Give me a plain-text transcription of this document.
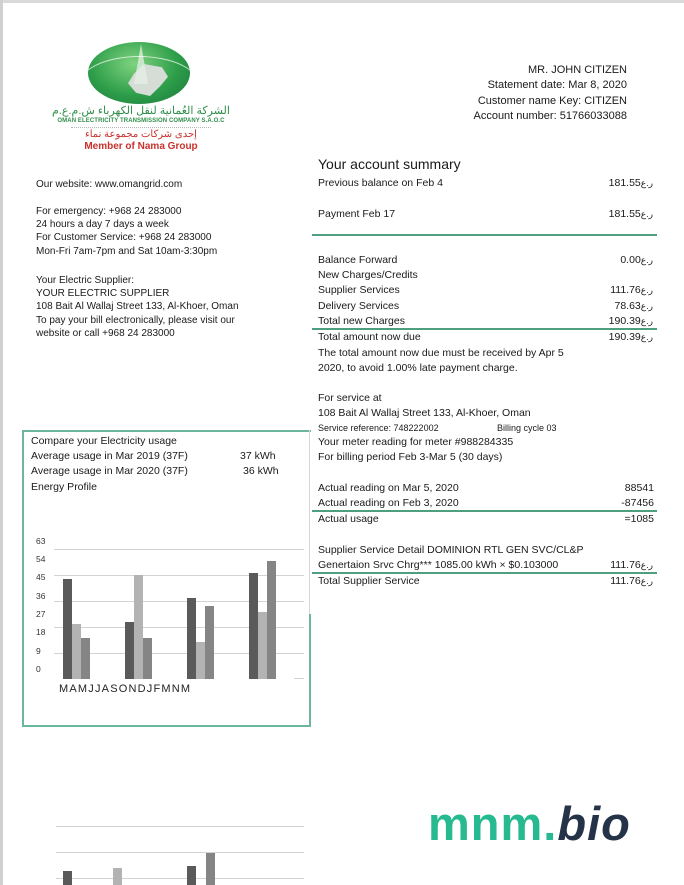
الشركة العُمانية لنقل الكهرباء ش.م.ع.م
OMAN ELECTRICITY TRANSMISSION COMPANY S.A.O.C
إحدى شركات مجموعة نماء
Member of Nama Group
MR. JOHN CITIZEN
Statement date: Mar 8, 2020
Customer name Key: CITIZEN
Account number: 51766033088
Our website: www.omangrid.com
For emergency: +968 24 283000
24 hours a day 7 days a week
For Customer Service: +968 24 283000
Mon-Fri 7am-7pm and Sat 10am-3:30pm
Your Electric Supplier:
YOUR ELECTRIC SUPPLIER
108 Bait Al Wallaj Street 133, Al-Khoer, Oman
To pay your bill electronically, please visit our
website or call +968 24 283000
Your account summary
Previous balance on Feb 4	ر.ع181.55
Payment Feb 17	ر.ع181.55
Balance Forward	ر.ع0.00
New Charges/Credits
Supplier Services	ر.ع111.76
Delivery Services	ر.ع78.63
Total new Charges	ر.ع190.39
Total amount now due	ر.ع190.39
The total amount now due must be received by Apr 5
2020, to avoid 1.00% late payment charge.
For service at
108 Bait Al Wallaj Street 133, Al-Khoer, Oman
Service reference: 748222002	Billing cycle 03
Your meter reading for meter #988284335
For billing period Feb 3-Mar 5 (30 days)
Actual reading on Mar 5, 2020	88541
Actual reading on Feb 3, 2020	-87456
Actual usage	=1085
Supplier Service Detail DOMINION RTL GEN SVC/CL&P
Genertaion Srvc Chrg*** 1085.00 kWh × $0.103000	ر.ع111.76
Total Supplier Service	ر.ع111.76
Compare your Electricity usage
Average usage in Mar 2019 (37F)	37 kWh
Average usage in Mar 2020 (37F)	36 kWh
Energy Profile
63
54
45
36
27
18
9
0
MAMJJASONDJFMNM
mnm.bio
